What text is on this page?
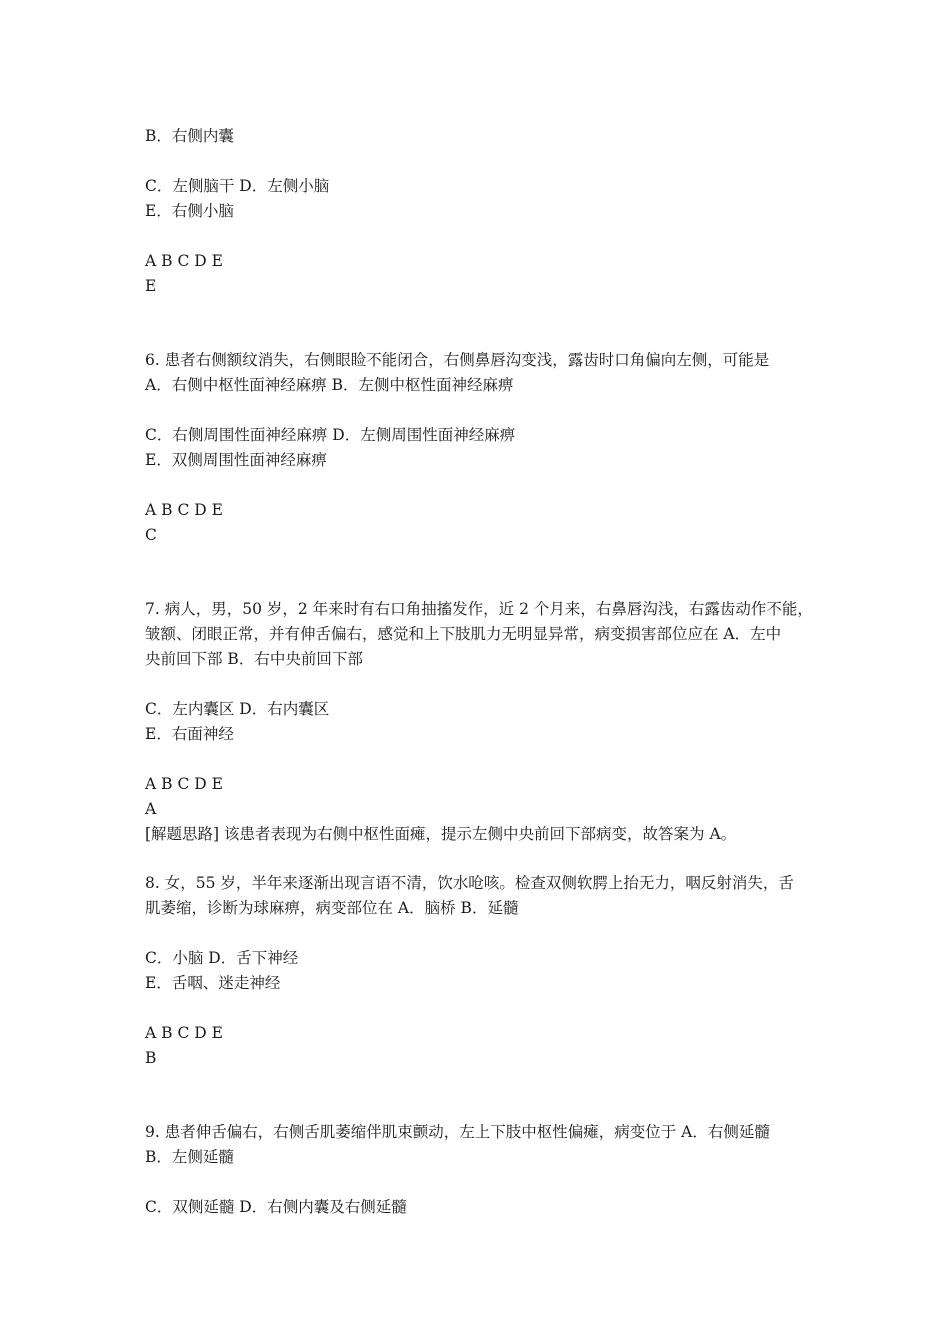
B．右侧内囊
C．左侧脑干 D．左侧小脑
E．右侧小脑
A B C D E
E
6. 患者右侧额纹消失，右侧眼睑不能闭合，右侧鼻唇沟变浅，露齿时口角偏向左侧，可能是
A．右侧中枢性面神经麻痹 B．左侧中枢性面神经麻痹
C．右侧周围性面神经麻痹 D．左侧周围性面神经麻痹
E．双侧周围性面神经麻痹
A B C D E
C
7. 病人，男，50 岁，2 年来时有右口角抽搐发作，近 2 个月来，右鼻唇沟浅，右露齿动作不能，
皱额、闭眼正常，并有伸舌偏右，感觉和上下肢肌力无明显异常，病变损害部位应在 A．左中
央前回下部 B．右中央前回下部
C．左内囊区 D．右内囊区
E．右面神经
A B C D E
A
[解题思路] 该患者表现为右侧中枢性面瘫，提示左侧中央前回下部病变，故答案为 A。
8. 女，55 岁，半年来逐渐出现言语不清，饮水呛咳。检查双侧软腭上抬无力，咽反射消失，舌
肌萎缩，诊断为球麻痹，病变部位在 A．脑桥 B．延髓
C．小脑 D．舌下神经
E．舌咽、迷走神经
A B C D E
B
9. 患者伸舌偏右，右侧舌肌萎缩伴肌束颤动，左上下肢中枢性偏瘫，病变位于 A．右侧延髓
B．左侧延髓
C．双侧延髓 D．右侧内囊及右侧延髓
